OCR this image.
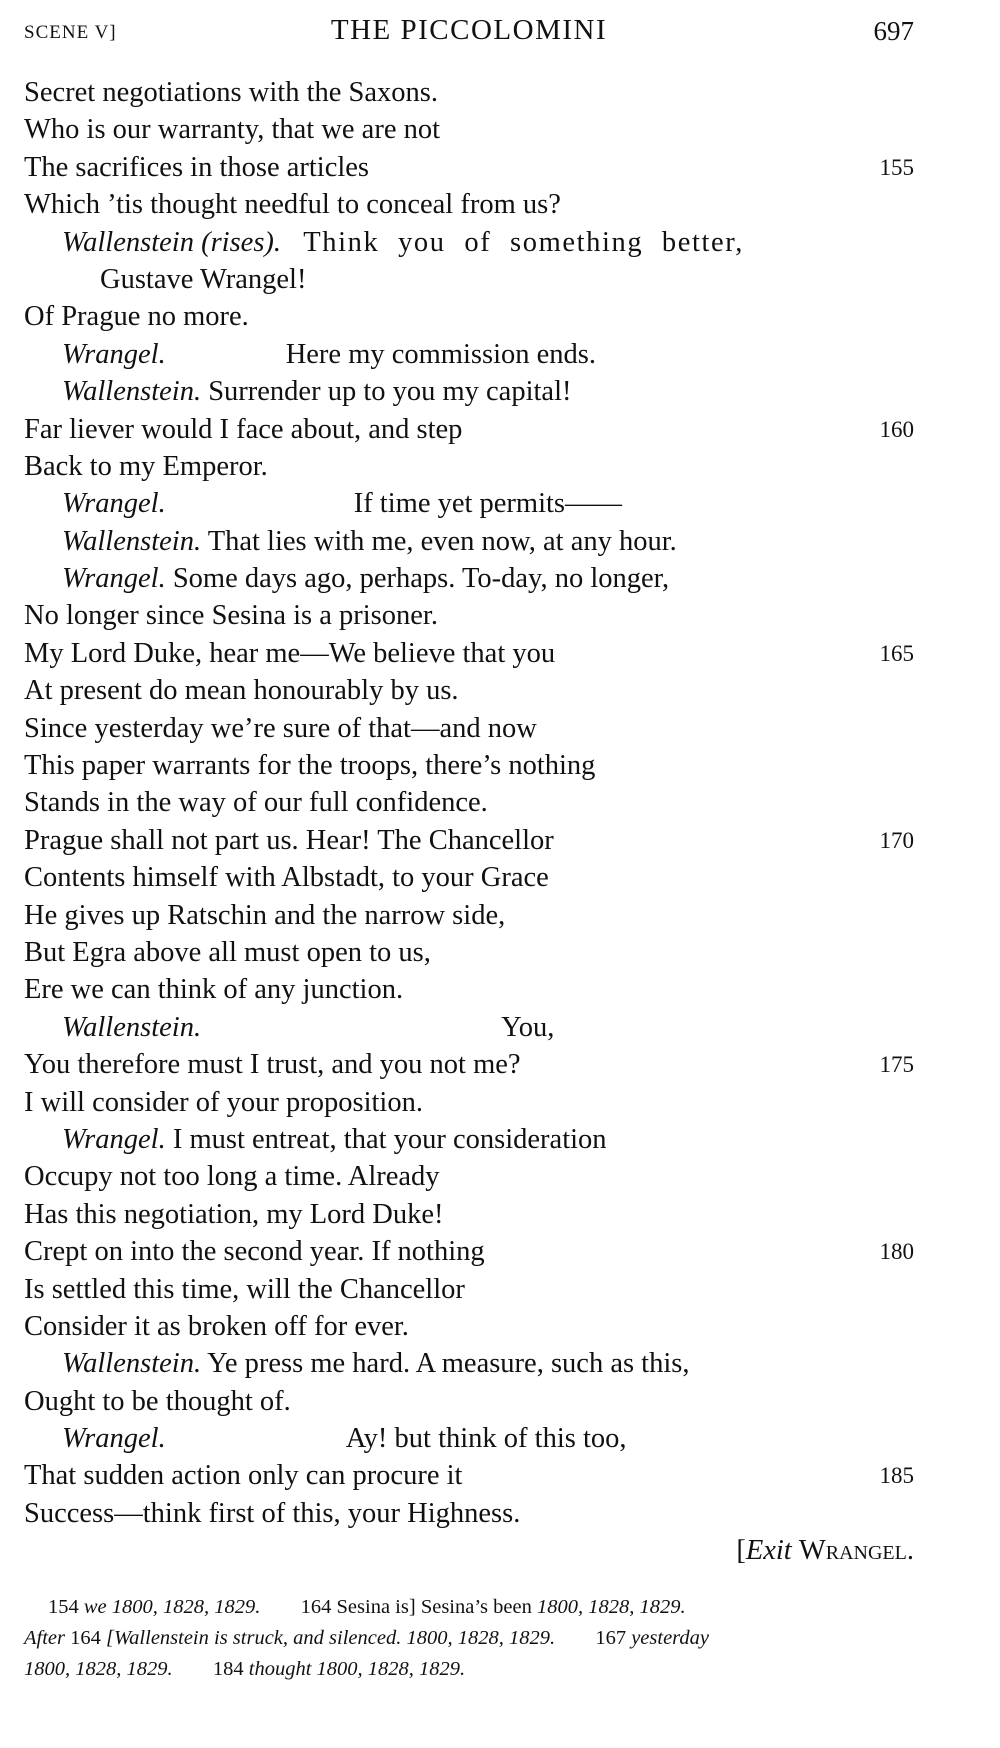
SCENE V]	THE PICCOLOMINI	697
Secret negotiations with the Saxons.
Who is our warranty, that we are not
The sacrifices in those articles	155
Which ’tis thought needful to conceal from us?
Wallenstein (rises). Think you of something better,
Gustave Wrangel!
Of Prague no more.
Wrangel.	Here my commission ends.
Wallenstein. Surrender up to you my capital!
Far liever would I face about, and step	160
Back to my Emperor.
Wrangel.	If time yet permits——
Wallenstein. That lies with me, even now, at any hour.
Wrangel. Some days ago, perhaps. To-day, no longer,
No longer since Sesina is a prisoner.
My Lord Duke, hear me—We believe that you	165
At present do mean honourably by us.
Since yesterday we’re sure of that—and now
This paper warrants for the troops, there’s nothing
Stands in the way of our full confidence.
Prague shall not part us. Hear! The Chancellor	170
Contents himself with Albstadt, to your Grace
He gives up Ratschin and the narrow side,
But Egra above all must open to us,
Ere we can think of any junction.
Wallenstein.	You,
You therefore must I trust, and you not me?	175
I will consider of your proposition.
Wrangel. I must entreat, that your consideration
Occupy not too long a time. Already
Has this negotiation, my Lord Duke!
Crept on into the second year. If nothing	180
Is settled this time, will the Chancellor
Consider it as broken off for ever.
Wallenstein. Ye press me hard. A measure, such as this,
Ought to be thought of.
Wrangel.	Ay! but think of this too,
That sudden action only can procure it	185
Success—think first of this, your Highness.
[Exit Wrangel.
154 we 1800, 1828, 1829. 164 Sesina is] Sesina’s been 1800, 1828, 1829.
After 164 [Wallenstein is struck, and silenced. 1800, 1828, 1829. 167 yesterday
1800, 1828, 1829. 184 thought 1800, 1828, 1829.
